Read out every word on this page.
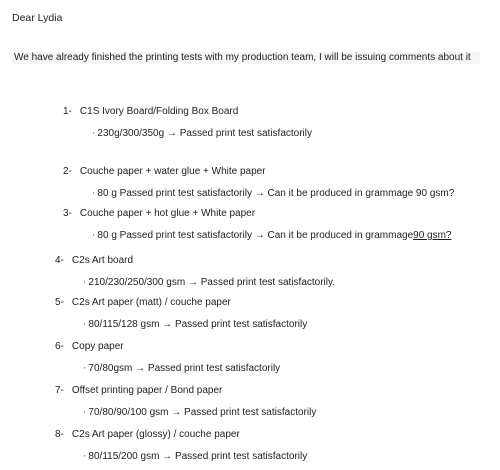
Dear Lydia
We have already finished the printing tests with my production team, I will be issuing comments about it
1- C1S Ivory Board/Folding Box Board
▪ 230g/300/350g → Passed print test satisfactorily
2- Couche paper + water glue + White paper
▪ 80 g Passed print test satisfactorily → Can it be produced in grammage 90 gsm?
3- Couche paper + hot glue + White paper
▪ 80 g Passed print test satisfactorily → Can it be produced in grammage90 gsm?
4- C2s Art board
▪ 210/230/250/300 gsm → Passed print test satisfactorily.
5- C2s Art paper (matt) / couche paper
▪ 80/115/128 gsm → Passed print test satisfactorily
6- Copy paper
▪ 70/80gsm → Passed print test satisfactorily
7- Offset printing paper / Bond paper
▪ 70/80/90/100 gsm → Passed print test satisfactorily
8- C2s Art paper (glossy) / couche paper
▪ 80/115/200 gsm → Passed print test satisfactorily
